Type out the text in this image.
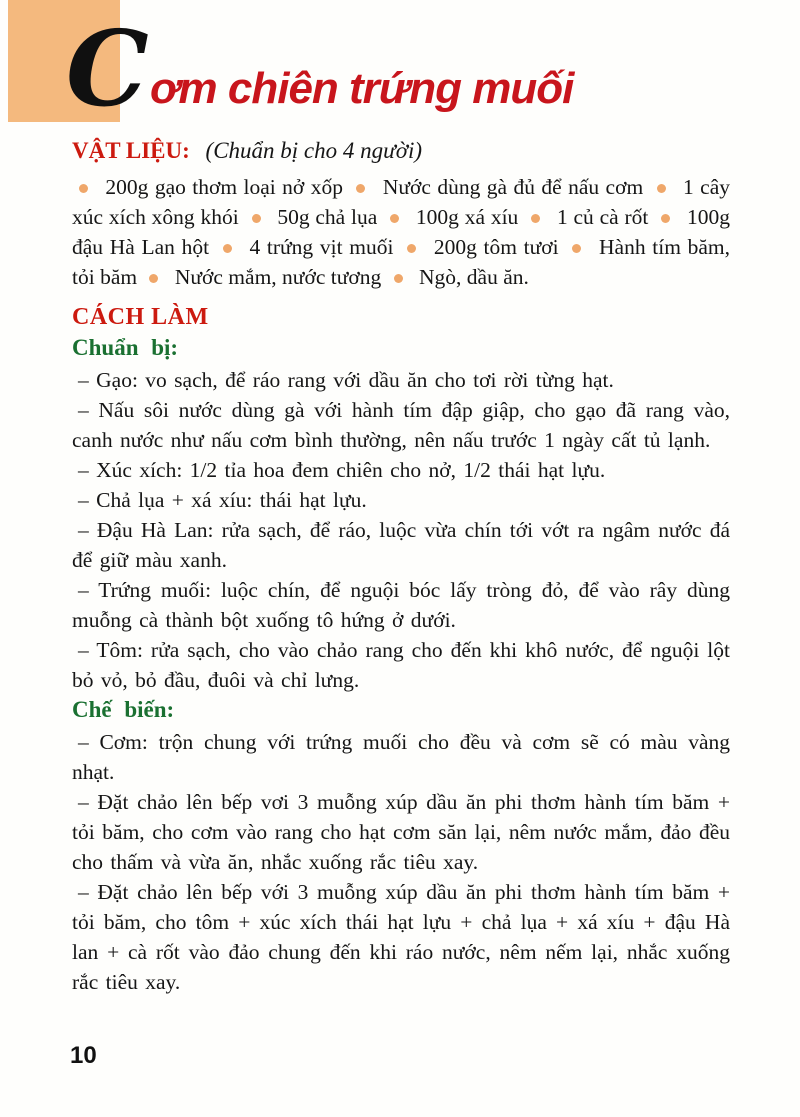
C ơm chiên trứng muối

VẬT LIỆU: (Chuẩn bị cho 4 người)

200g gạo thơm loại nở xốp  Nước dùng gà đủ để nấu cơm  1 cây xúc xích xông khói  50g chả lụa  100g xá xíu  1 củ cà rốt  100g đậu Hà Lan hột  4 trứng vịt muối  200g tôm tươi  Hành tím băm, tỏi băm  Nước mắm, nước tương  Ngò, dầu ăn.

CÁCH LÀM

Chuẩn bị:

– Gạo: vo sạch, để ráo rang với dầu ăn cho tơi rời từng hạt.

– Nấu sôi nước dùng gà với hành tím đập giập, cho gạo đã rang vào, canh nước như nấu cơm bình thường, nên nấu trước 1 ngày cất tủ lạnh.

– Xúc xích: 1/2 tỉa hoa đem chiên cho nở, 1/2 thái hạt lựu.

– Chả lụa + xá xíu: thái hạt lựu.

– Đậu Hà Lan: rửa sạch, để ráo, luộc vừa chín tới vớt ra ngâm nước đá để giữ màu xanh.

– Trứng muối: luộc chín, để nguội bóc lấy tròng đỏ, để vào rây dùng muỗng cà thành bột xuống tô hứng ở dưới.

– Tôm: rửa sạch, cho vào chảo rang cho đến khi khô nước, để nguội lột bỏ vỏ, bỏ đầu, đuôi và chỉ lưng.

Chế biến:

– Cơm: trộn chung với trứng muối cho đều và cơm sẽ có màu vàng nhạt.

– Đặt chảo lên bếp vơi 3 muỗng xúp dầu ăn phi thơm hành tím băm + tỏi băm, cho cơm vào rang cho hạt cơm săn lại, nêm nước mắm, đảo đều cho thấm và vừa ăn, nhắc xuống rắc tiêu xay.

– Đặt chảo lên bếp với 3 muỗng xúp dầu ăn phi thơm hành tím băm + tỏi băm, cho tôm + xúc xích thái hạt lựu + chả lụa + xá xíu + đậu Hà lan + cà rốt vào đảo chung đến khi ráo nước, nêm nếm lại, nhắc xuống rắc tiêu xay.

10
